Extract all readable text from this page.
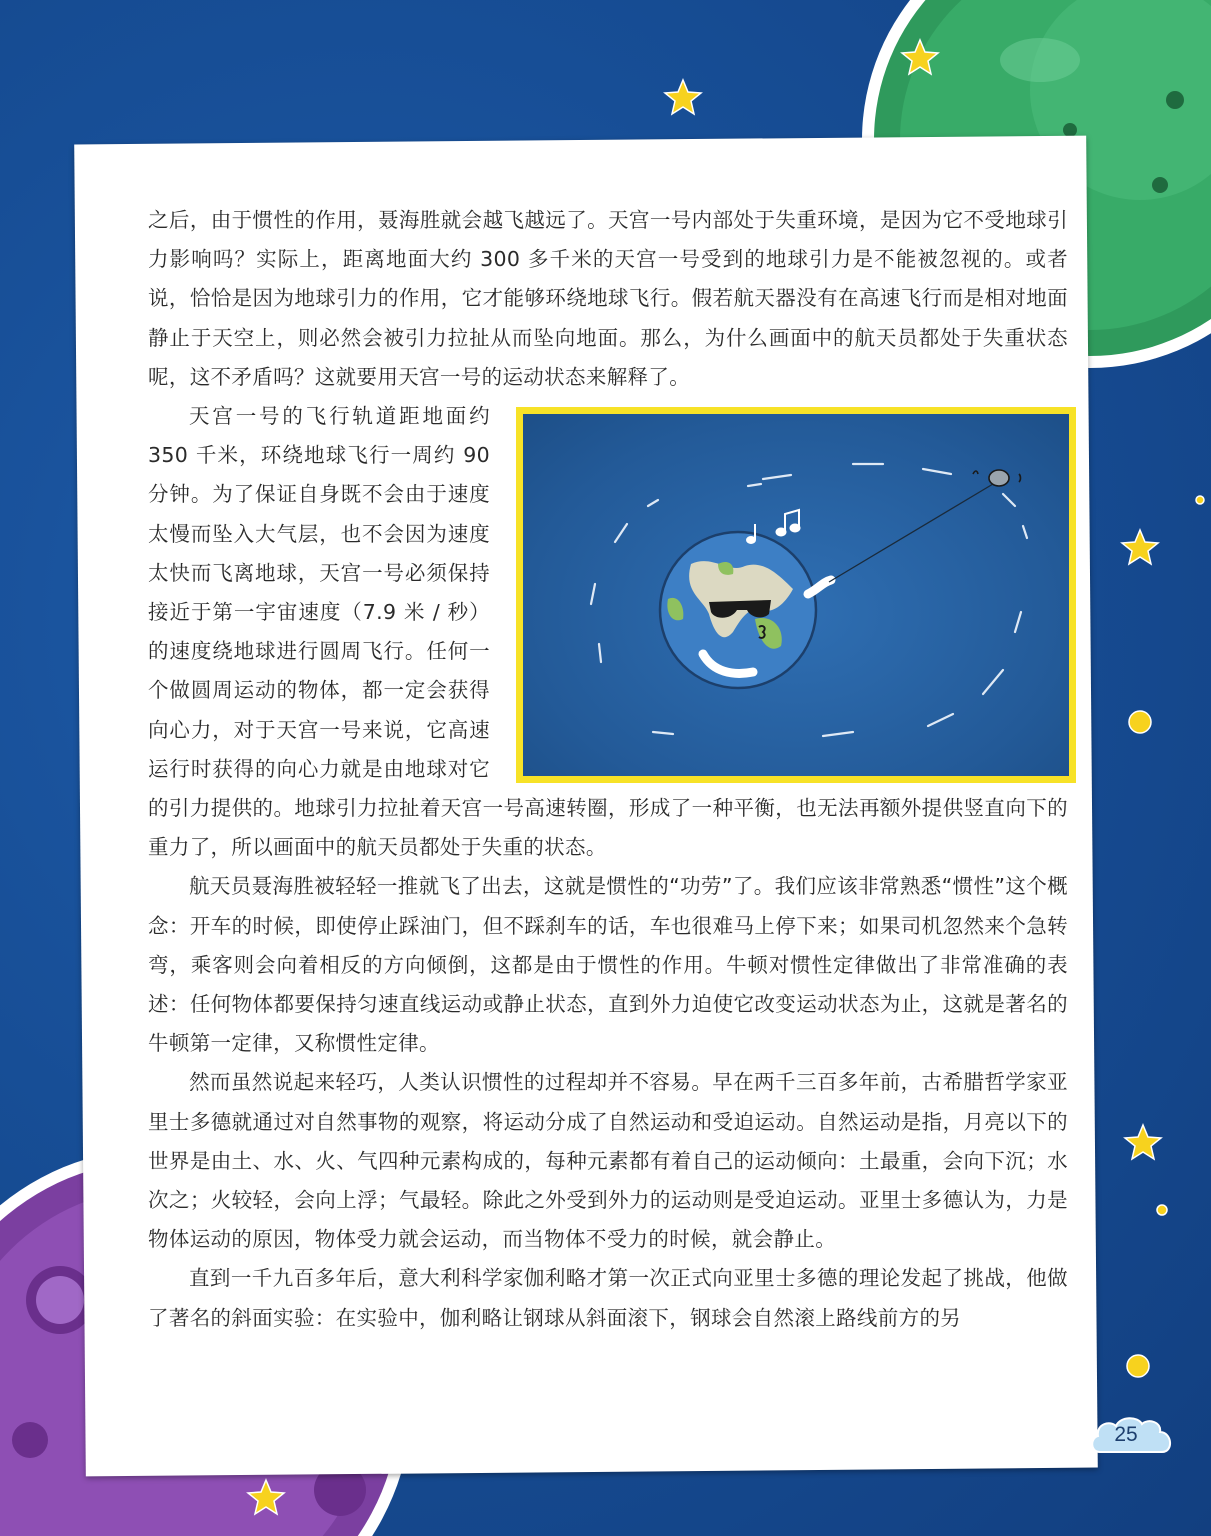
之后，由于惯性的作用，聂海胜就会越飞越远了。天宫一号内部处于失重环境，是因为它不受地球引力影响吗？实际上，距离地面大约 300 多千米的天宫一号受到的地球引力是不能被忽视的。或者说，恰恰是因为地球引力的作用，它才能够环绕地球飞行。假若航天器没有在高速飞行而是相对地面静止于天空上，则必然会被引力拉扯从而坠向地面。那么，为什么画面中的航天员都处于失重状态呢，这不矛盾吗？这就要用天宫一号的运动状态来解释了。

天宫一号的飞行轨道距地面约 350 千米，环绕地球飞行一周约 90 分钟。为了保证自身既不会由于速度太慢而坠入大气层，也不会因为速度太快而飞离地球，天宫一号必须保持接近于第一宇宙速度（7.9 米 / 秒）的速度绕地球进行圆周飞行。任何一个做圆周运动的物体，都一定会获得向心力，对于天宫一号来说，它高速运行时获得的向心力就是由地球对它的引力提供的。地球引力拉扯着天宫一号高速转圈，形成了一种平衡，也无法再额外提供竖直向下的重力了，所以画面中的航天员都处于失重的状态。

航天员聂海胜被轻轻一推就飞了出去，这就是惯性的“功劳”了。我们应该非常熟悉“惯性”这个概念：开车的时候，即使停止踩油门，但不踩刹车的话，车也很难马上停下来；如果司机忽然来个急转弯，乘客则会向着相反的方向倾倒，这都是由于惯性的作用。牛顿对惯性定律做出了非常准确的表述：任何物体都要保持匀速直线运动或静止状态，直到外力迫使它改变运动状态为止，这就是著名的牛顿第一定律，又称惯性定律。

然而虽然说起来轻巧，人类认识惯性的过程却并不容易。早在两千三百多年前，古希腊哲学家亚里士多德就通过对自然事物的观察，将运动分成了自然运动和受迫运动。自然运动是指，月亮以下的世界是由土、水、火、气四种元素构成的，每种元素都有着自己的运动倾向：土最重，会向下沉；水次之；火较轻，会向上浮；气最轻。除此之外受到外力的运动则是受迫运动。亚里士多德认为，力是物体运动的原因，物体受力就会运动，而当物体不受力的时候，就会静止。

直到一千九百多年后，意大利科学家伽利略才第一次正式向亚里士多德的理论发起了挑战，他做了著名的斜面实验：在实验中，伽利略让钢球从斜面滚下，钢球会自然滚上路线前方的另

25
